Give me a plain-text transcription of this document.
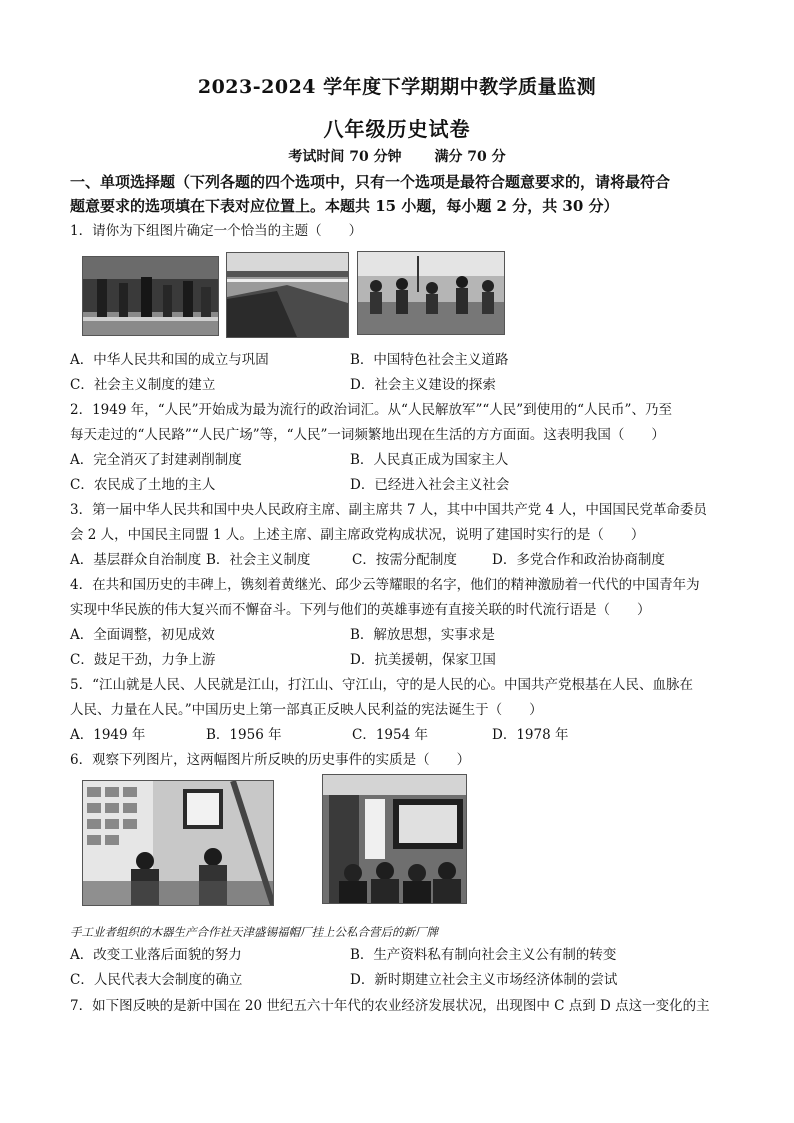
2023-2024 学年度下学期期中教学质量监测
八年级历史试卷
考试时间 70 分钟 满分 70 分
一、单项选择题（下列各题的四个选项中，只有一个选项是最符合题意要求的，请将最符合
题意要求的选项填在下表对应位置上。本题共 15 小题，每小题 2 分，共 30 分）
1．请你为下组图片确定一个恰当的主题（　　）
A．中华人民共和国的成立与巩固	B．中国特色社会主义道路
C．社会主义制度的建立	D．社会主义建设的探索
2．1949 年，“人民”开始成为最为流行的政治词汇。从“人民解放军”“人民”到使用的“人民币”、乃至
每天走过的“人民路”“人民广场”等，“人民”一词频繁地出现在生活的方方面面。这表明我国（　　）
A．完全消灭了封建剥削制度	B．人民真正成为国家主人
C．农民成了土地的主人	D．已经进入社会主义社会
3．第一届中华人民共和国中央人民政府主席、副主席共 7 人，其中中国共产党 4 人，中国国民党革命委员
会 2 人，中国民主同盟 1 人。上述主席、副主席政党构成状况，说明了建国时实行的是（　　）
A．基层群众自治制度 B．社会主义制度	C．按需分配制度	D．多党合作和政治协商制度
4．在共和国历史的丰碑上，镌刻着黄继光、邱少云等耀眼的名字，他们的精神激励着一代代的中国青年为
实现中华民族的伟大复兴而不懈奋斗。下列与他们的英雄事迹有直接关联的时代流行语是（　　）
A．全面调整，初见成效	B．解放思想，实事求是
C．鼓足干劲，力争上游	D．抗美援朝，保家卫国
5．“江山就是人民、人民就是江山，打江山、守江山，守的是人民的心。中国共产党根基在人民、血脉在
人民、力量在人民。”中国历史上第一部真正反映人民利益的宪法诞生于（　　）
A．1949 年	B．1956 年	C．1954 年	D．1978 年
6．观察下列图片，这两幅图片所反映的历史事件的实质是（　　）
手工业者组织的木器生产合作社天津盛锡福帽厂挂上公私合营后的新厂牌
A．改变工业落后面貌的努力	B．生产资料私有制向社会主义公有制的转变
C．人民代表大会制度的确立	D．新时期建立社会主义市场经济体制的尝试
7．如下图反映的是新中国在 20 世纪五六十年代的农业经济发展状况，出现图中 C 点到 D 点这一变化的主
